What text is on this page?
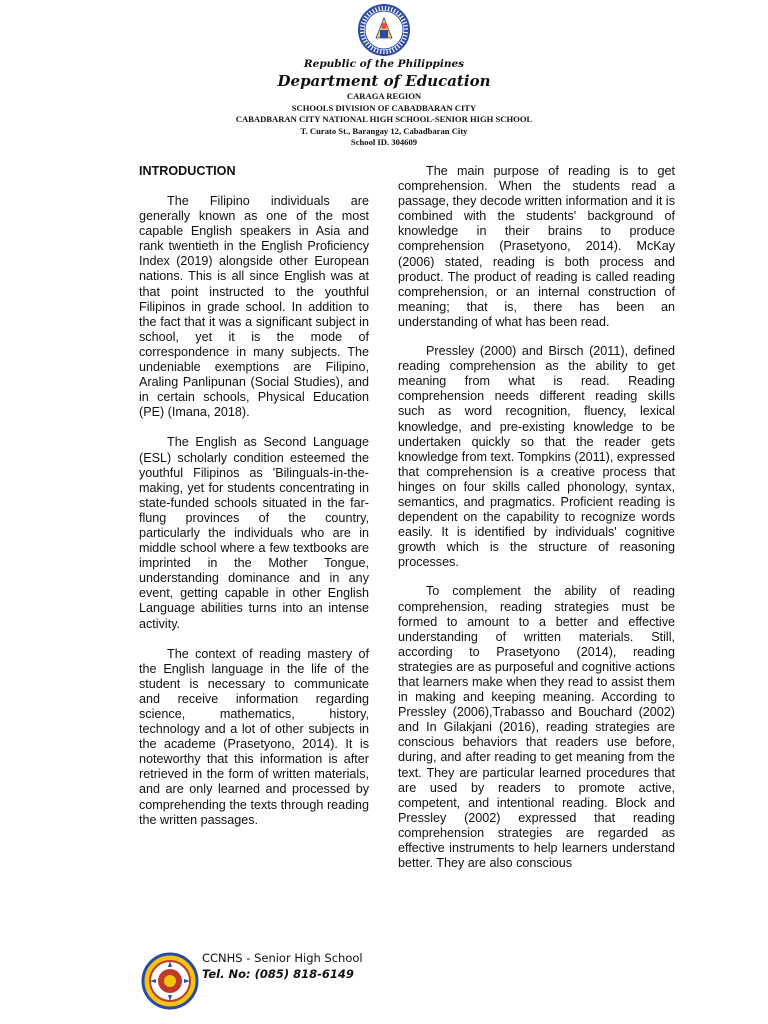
Republic of the Philippines
Department of Education
CARAGA REGION
SCHOOLS DIVISION OF CABADBARAN CITY
CABADBARAN CITY NATIONAL HIGH SCHOOL-SENIOR HIGH SCHOOL
T. Curato St., Barangay 12, Cabadbaran City
School ID. 304609
INTRODUCTION

The Filipino individuals are generally known as one of the most capable English speakers in Asia and rank twentieth in the English Proficiency Index (2019) alongside other European nations. This is all since English was at that point instructed to the youthful Filipinos in grade school. In addition to the fact that it was a significant subject in school, yet it is the mode of correspondence in many subjects. The undeniable exemptions are Filipino, Araling Panlipunan (Social Studies), and in certain schools, Physical Education (PE) (Imana, 2018).

The English as Second Language (ESL) scholarly condition esteemed the youthful Filipinos as 'Bilinguals-in-the-making, yet for students concentrating in state-funded schools situated in the far-flung provinces of the country, particularly the individuals who are in middle school where a few textbooks are imprinted in the Mother Tongue, understanding dominance and in any event, getting capable in other English Language abilities turns into an intense activity.

The context of reading mastery of the English language in the life of the student is necessary to communicate and receive information regarding science, mathematics, history, technology and a lot of other subjects in the academe (Prasetyono, 2014). It is noteworthy that this information is after retrieved in the form of written materials, and are only learned and processed by comprehending the texts through reading the written passages.

The main purpose of reading is to get comprehension. When the students read a passage, they decode written information and it is combined with the students' background of knowledge in their brains to produce comprehension (Prasetyono, 2014). McKay (2006) stated, reading is both process and product. The product of reading is called reading comprehension, or an internal construction of meaning; that is, there has been an understanding of what has been read.

Pressley (2000) and Birsch (2011), defined reading comprehension as the ability to get meaning from what is read. Reading comprehension needs different reading skills such as word recognition, fluency, lexical knowledge, and pre-existing knowledge to be undertaken quickly so that the reader gets knowledge from text. Tompkins (2011), expressed that comprehension is a creative process that hinges on four skills called phonology, syntax, semantics, and pragmatics. Proficient reading is dependent on the capability to recognize words easily. It is identified by individuals' cognitive growth which is the structure of reasoning processes.

To complement the ability of reading comprehension, reading strategies must be formed to amount to a better and effective understanding of written materials. Still, according to Prasetyono (2014), reading strategies are as purposeful and cognitive actions that learners make when they read to assist them in making and keeping meaning. According to Pressley (2006),Trabasso and Bouchard (2002) and In Gilakjani (2016), reading strategies are conscious behaviors that readers use before, during, and after reading to get meaning from the text. They are particular learned procedures that are used by readers to promote active, competent, and intentional reading. Block and Pressley (2002) expressed that reading comprehension strategies are regarded as effective instruments to help learners understand better. They are also conscious

CCNHS - Senior High School
Tel. No: (085) 818-6149
